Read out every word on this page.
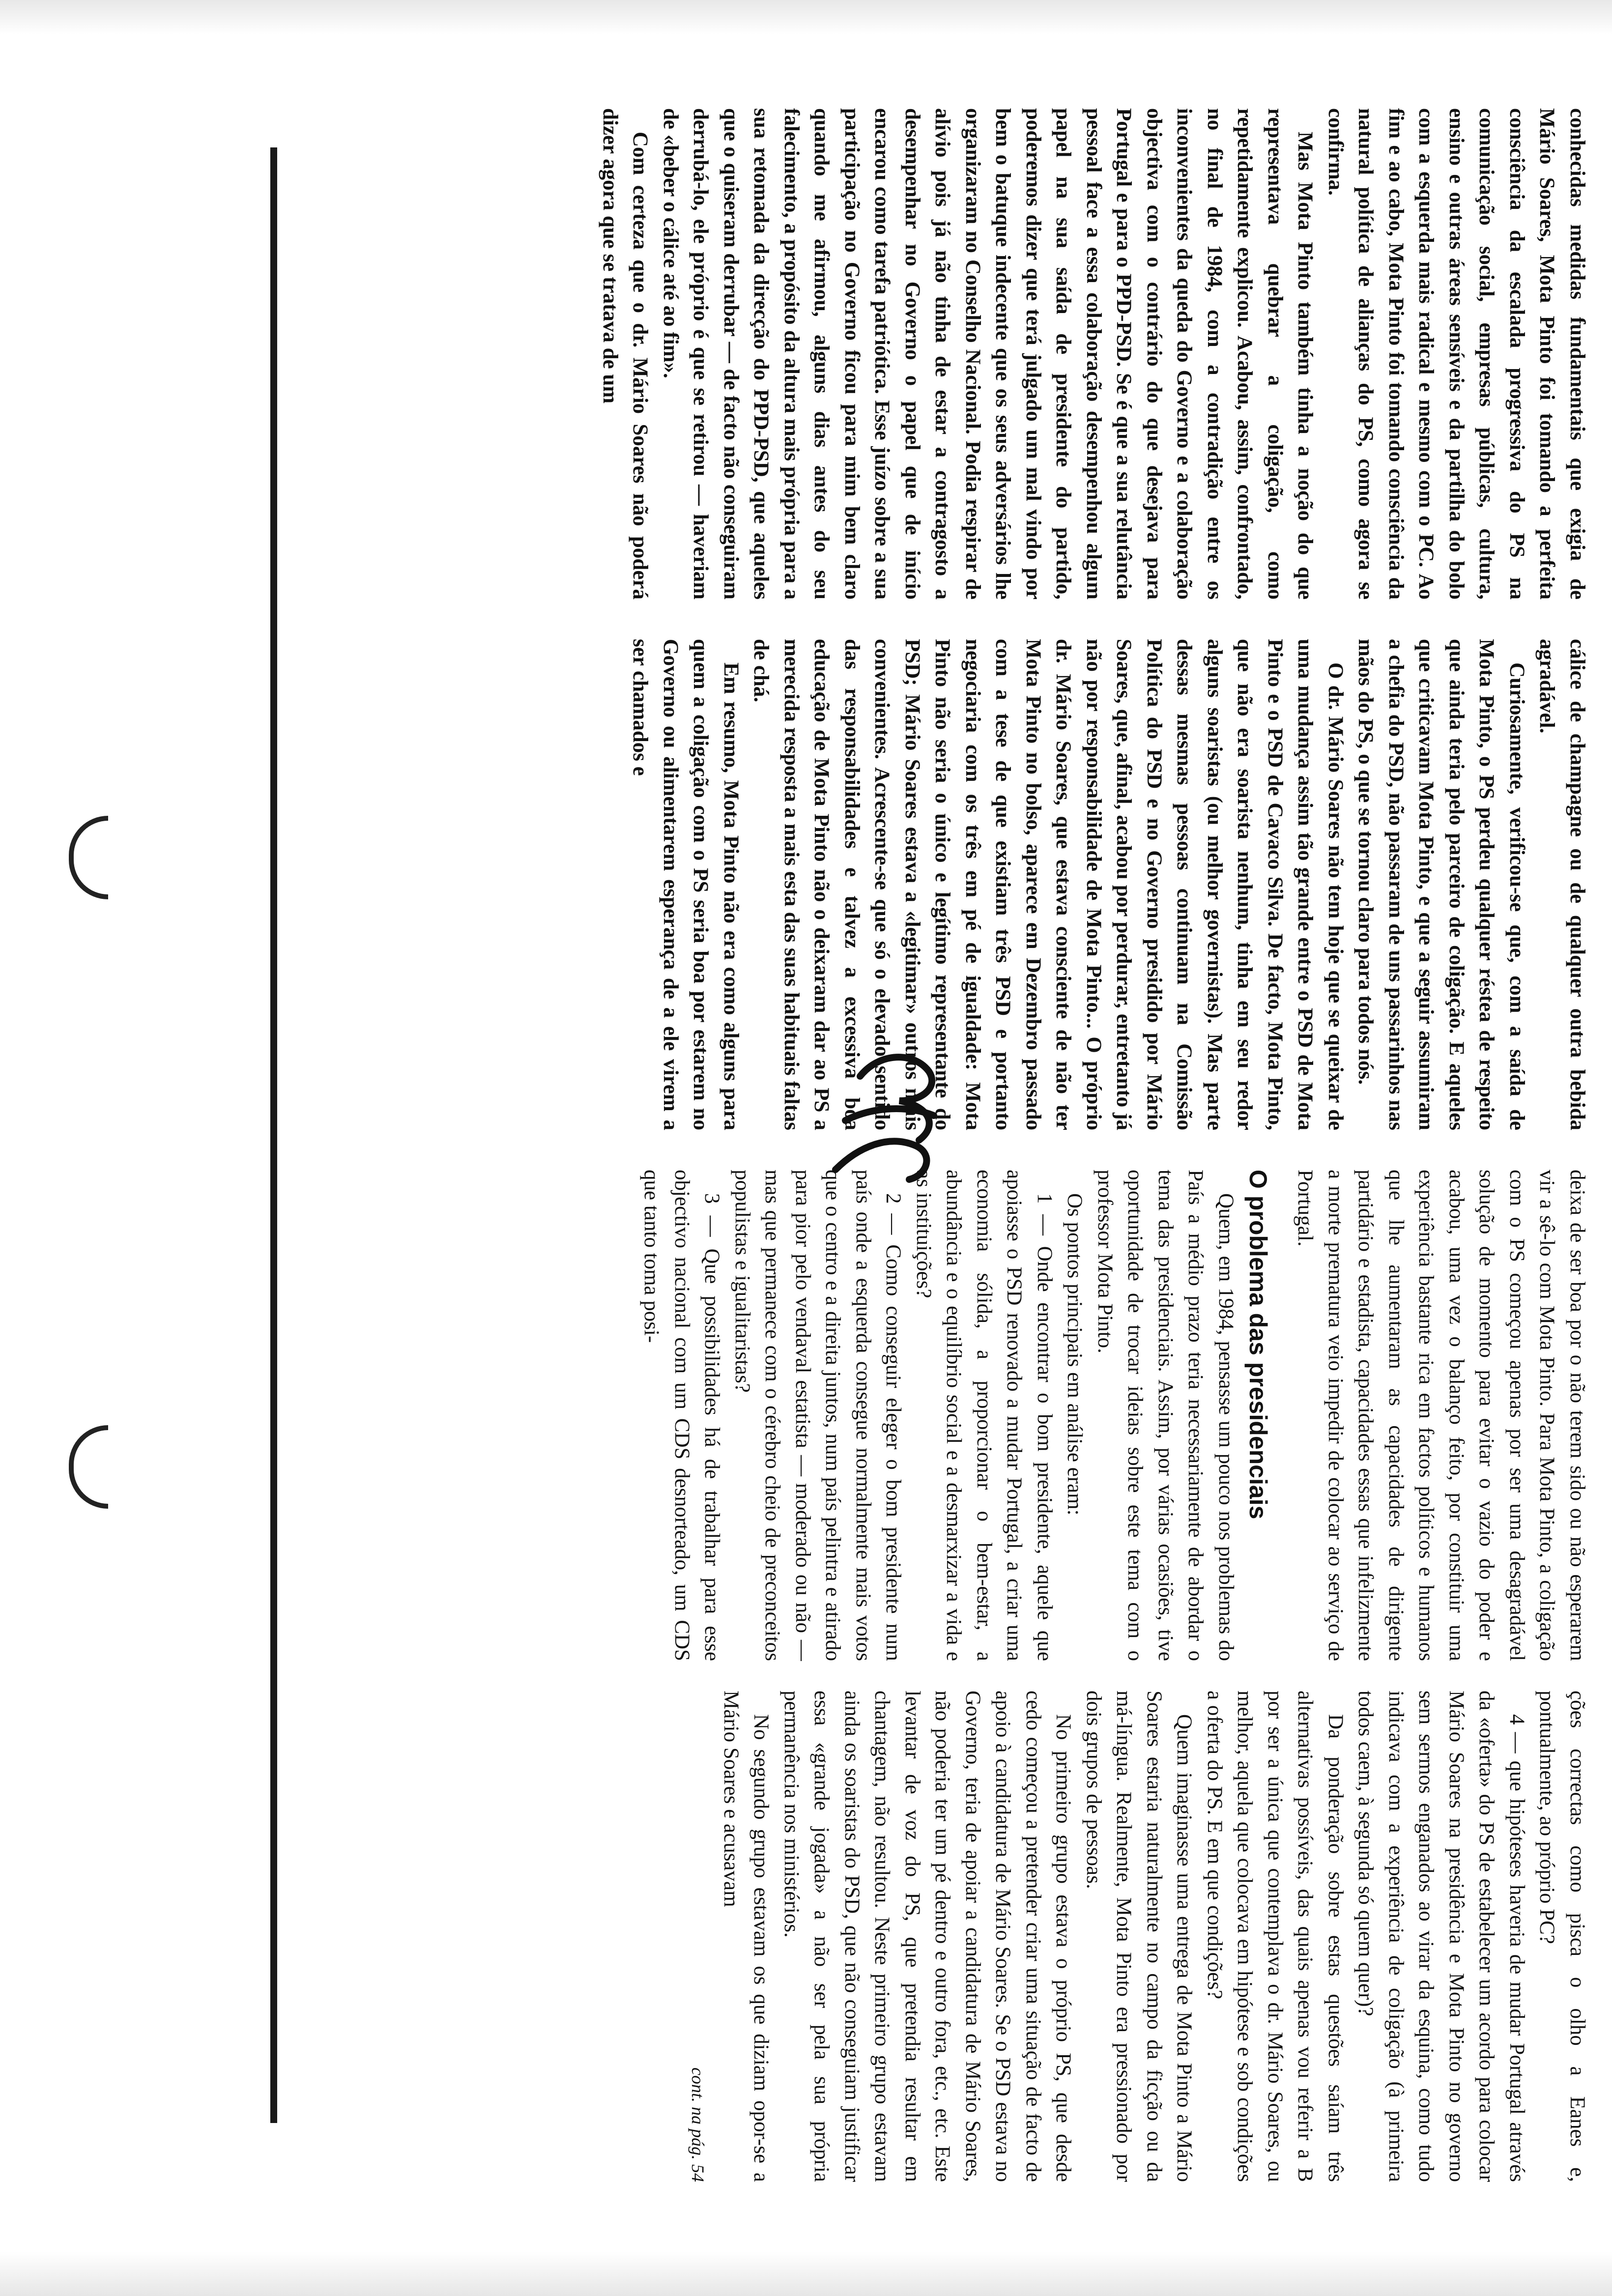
conhecidas medidas fundamentais que exigia de Mário Soares, Mota Pinto foi tomando a perfeita consciência da escalada progressiva do PS na comunicação social, empresas públicas, cultura, ensino e outras áreas sensíveis e da partilha do bolo com a esquerda mais radical e mesmo com o PC. Ao fim e ao cabo, Mota Pinto foi tomando consciência da natural política de alianças do PS, como agora se confirma.

Mas Mota Pinto também tinha a noção do que representava quebrar a coligação, como repetidamente explicou. Acabou, assim, confrontado, no final de 1984, com a contradição entre os inconvenientes da queda do Governo e a colaboração objectiva com o contrário do que desejava para Portugal e para o PPD-PSD. Se é que a sua relutância pessoal face a essa colaboração desempenhou algum papel na sua saída de presidente do partido, poderemos dizer que terá julgado um mal vindo por bem o batuque indecente que os seus adversários lhe organizaram no Conselho Nacional. Podia respirar de alívio pois já não tinha de estar a contragosto a desempenhar no Governo o papel que de início encarou como tarefa patriótica. Esse juízo sobre a sua participação no Governo ficou para mim bem claro quando me afirmou, alguns dias antes do seu falecimento, a propósito da altura mais própria para a sua retomada da direcção do PPD-PSD, que aqueles que o quiseram derrubar — de facto não conseguiram derrubá-lo, ele próprio é que se retirou — haveriam de «beber o cálice até ao fim».

Com certeza que o dr. Mário Soares não poderá dizer agora que se tratava de um

cálice de champagne ou de qualquer outra bebida agradável.

Curiosamente, verificou-se que, com a saída de Mota Pinto, o PS perdeu qualquer réstea de respeito que ainda teria pelo parceiro de coligação. E aqueles que criticavam Mota Pinto, e que a seguir assumiram a chefia do PSD, não passaram de uns passarinhos nas mãos do PS, o que se tornou claro para todos nós.

O dr. Mário Soares não tem hoje que se queixar de uma mudança assim tão grande entre o PSD de Mota Pinto e o PSD de Cavaco Silva. De facto, Mota Pinto, que não era soarista nenhum, tinha em seu redor alguns soaristas (ou melhor governistas). Mas parte dessas mesmas pessoas continuam na Comissão Política do PSD e no Governo presidido por Mário Soares, que, afinal, acabou por perdurar, entretanto já não por responsabilidade de Mota Pinto... O próprio dr. Mário Soares, que estava consciente de não ter Mota Pinto no bolso, aparece em Dezembro passado com a tese de que existiam três PSD e portanto negociaria com os três em pé de igualdade: Mota Pinto não seria o único e legítimo representante do PSD; Mário Soares estava a «legitimar» outros mais convenientes. Acrescente-se que só o elevado sentido das responsabilidades e talvez a excessiva boa educação de Mota Pinto não o deixaram dar ao PS a merecida resposta a mais esta das suas habituais faltas de chá.

Em resumo, Mota Pinto não era como alguns para quem a coligação com o PS seria boa por estarem no Governo ou alimentarem esperança de a ele virem a ser chamados e

deixa de ser boa por o não terem sido ou não esperarem vir a sê-lo com Mota Pinto. Para Mota Pinto, a coligação com o PS começou apenas por ser uma desagradável solução de momento para evitar o vazio do poder e acabou, uma vez o balanço feito, por constituir uma experiência bastante rica em factos políticos e humanos que lhe aumentaram as capacidades de dirigente partidário e estadista, capacidades essas que infelizmente a morte prematura veio impedir de colocar ao serviço de Portugal.

O problema das presidenciais

Quem, em 1984, pensasse um pouco nos problemas do País a médio prazo teria necessariamente de abordar o tema das presidenciais. Assim, por várias ocasiões, tive oportunidade de trocar ideias sobre este tema com o professor Mota Pinto.

Os pontos principais em análise eram:

1 — Onde encontrar o bom presidente, aquele que apoiasse o PSD renovado a mudar Portugal, a criar uma economia sólida, a proporcionar o bem-estar, a abundância e o equilíbrio social e a desmarxizar a vida e as instituições?

2 — Como conseguir eleger o bom presidente num país onde a esquerda consegue normalmente mais votos que o centro e a direita juntos, num país pelintra e atirado para pior pelo vendaval estatista — moderado ou não — mas que permanece com o cérebro cheio de preconceitos populistas e igualitaristas?

3 — Que possibilidades há de trabalhar para esse objectivo nacional com um CDS desnorteado, um CDS que tanto toma posi-

ções correctas como pisca o olho a Eanes e, pontualmente, ao próprio PC?

4 — que hipóteses haveria de mudar Portugal através da «oferta» do PS de estabelecer um acordo para colocar Mário Soares na presidência e Mota Pinto no governo sem sermos enganados ao virar da esquina, como tudo indicava com a experiência de coligação (à primeira todos caem, à segunda só quem quer)?

Da ponderação sobre estas questões saíam três alternativas possíveis, das quais apenas vou referir a B por ser a única que contemplava o dr. Mário Soares, ou melhor, aquela que colocava em hipótese e sob condições a oferta do PS. E em que condições?

Quem imaginasse uma entrega de Mota Pinto a Mário Soares estaria naturalmente no campo da ficção ou da má-língua. Realmente, Mota Pinto era pressionado por dois grupos de pessoas.

No primeiro grupo estava o próprio PS, que desde cedo começou a pretender criar uma situação de facto de apoio à candidatura de Mário Soares. Se o PSD estava no Governo, teria de apoiar a candidatura de Mário Soares, não poderia ter um pé dentro e outro fora, etc., etc. Este levantar de voz do PS, que pretendia resultar em chantagem, não resultou. Neste primeiro grupo estavam ainda os soaristas do PSD, que não conseguiam justificar essa «grande jogada» a não ser pela sua própria permanência nos ministérios.

No segundo grupo estavam os que diziam opor-se a Mário Soares e acusavam

cont. na pág. 54
